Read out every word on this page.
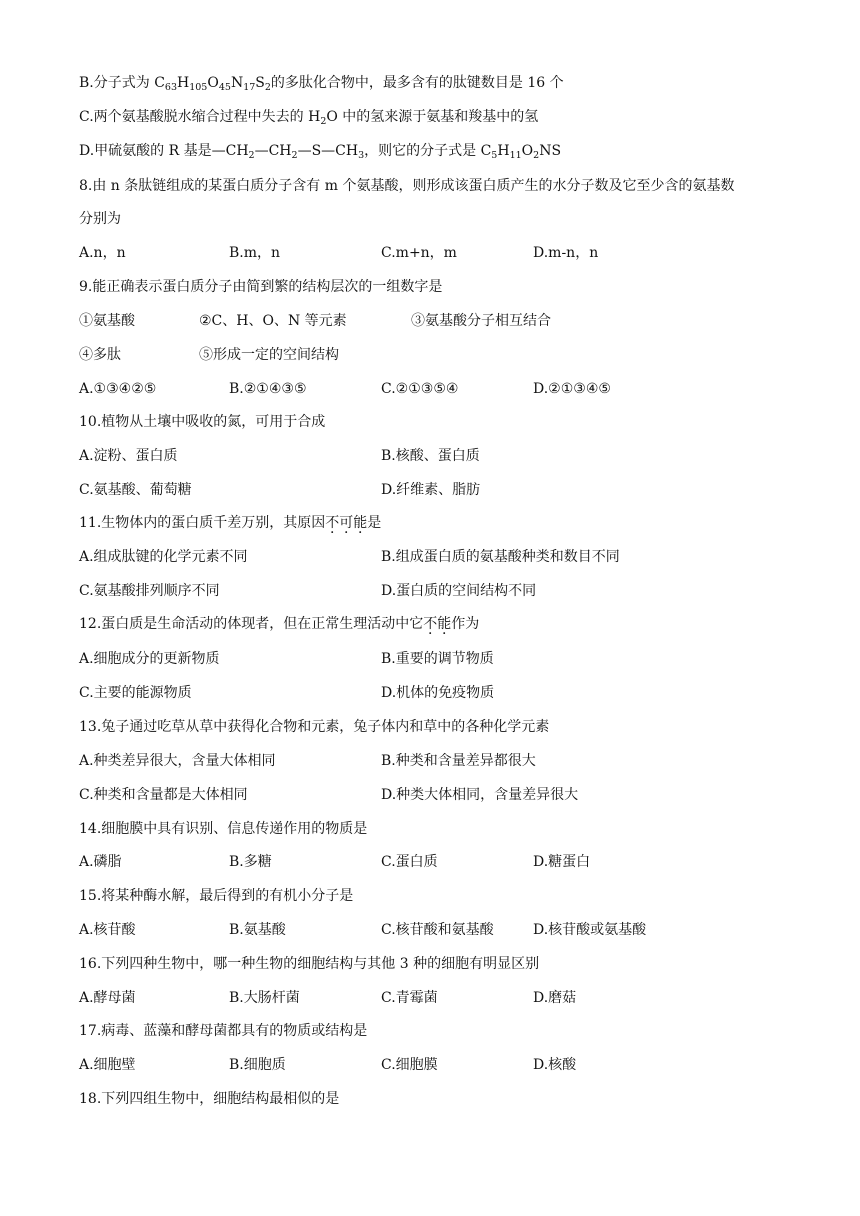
B.分子式为 $C_{63}H_{105}O_{45}N_{17}S_2$的多肽化合物中，最多含有的肽键数目是 16 个
C.两个氨基酸脱水缩合过程中失去的 $H_2O$ 中的氢来源于氨基和羧基中的氢
D.甲硫氨酸的 R 基是$—CH_2—CH_2—S—CH_3$，则它的分子式是 $C_5H_{11}O_2NS$
8.由 n 条肽链组成的某蛋白质分子含有 m 个氨基酸，则形成该蛋白质产生的水分子数及它至少含的氨基数
分别为
A.n，n	B.m，n	C.m+n，m	D.m-n，n
9.能正确表示蛋白质分子由简到繁的结构层次的一组数字是
①氨基酸	②C、H、O、N 等元素	③氨基酸分子相互结合
④多肽	⑤形成一定的空间结构
A.①③④②⑤	B.②①④③⑤	C.②①③⑤④	D.②①③④⑤
10.植物从土壤中吸收的氮，可用于合成
A.淀粉、蛋白质	B.核酸、蛋白质
C.氨基酸、葡萄糖	D.纤维素、脂肪
11.生物体内的蛋白质千差万别，其原因不可能是
A.组成肽键的化学元素不同	B.组成蛋白质的氨基酸种类和数目不同
C.氨基酸排列顺序不同	D.蛋白质的空间结构不同
12.蛋白质是生命活动的体现者，但在正常生理活动中它不能作为
A.细胞成分的更新物质	B.重要的调节物质
C.主要的能源物质	D.机体的免疫物质
13.兔子通过吃草从草中获得化合物和元素，兔子体内和草中的各种化学元素
A.种类差异很大，含量大体相同	B.种类和含量差异都很大
C.种类和含量都是大体相同	D.种类大体相同，含量差异很大
14.细胞膜中具有识别、信息传递作用的物质是
A.磷脂	B.多糖	C.蛋白质	D.糖蛋白
15.将某种酶水解，最后得到的有机小分子是
A.核苷酸	B.氨基酸	C.核苷酸和氨基酸	D.核苷酸或氨基酸
16.下列四种生物中，哪一种生物的细胞结构与其他 3 种的细胞有明显区别
A.酵母菌	B.大肠杆菌	C.青霉菌	D.磨菇
17.病毒、蓝藻和酵母菌都具有的物质或结构是
A.细胞壁	B.细胞质	C.细胞膜	D.核酸
18.下列四组生物中，细胞结构最相似的是
